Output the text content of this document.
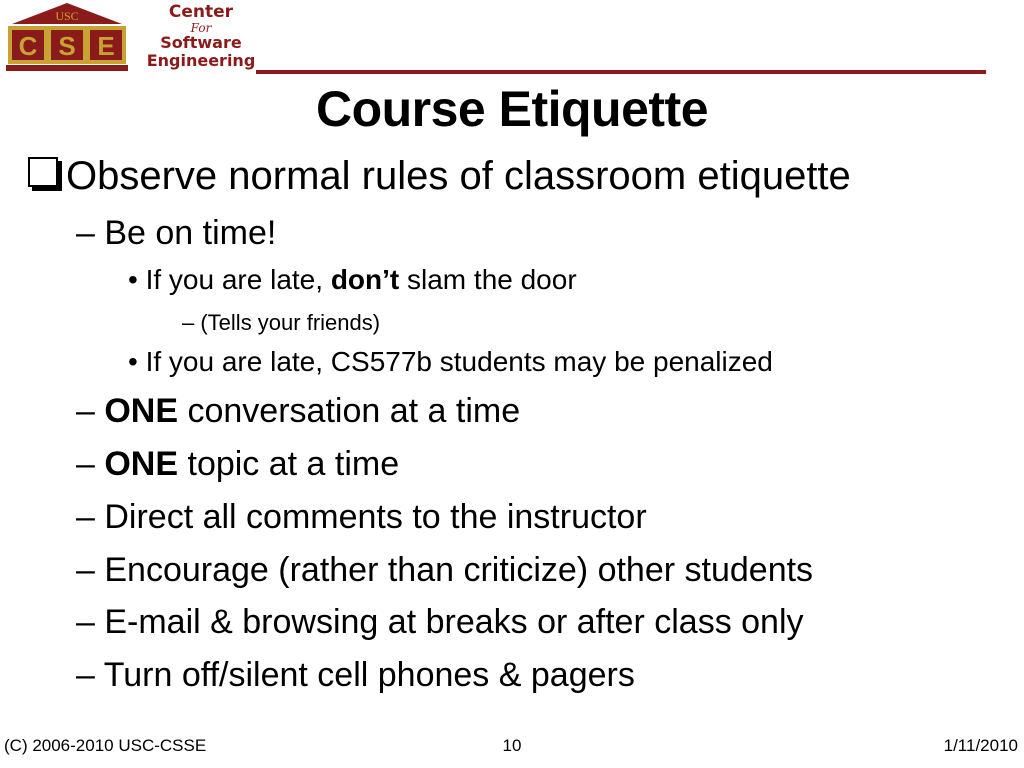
USC
C S E
Center
For
Software
Engineering
Course Etiquette
Observe normal rules of classroom etiquette
– Be on time!
• If you are late, don’t slam the door
– (Tells your friends)
• If you are late, CS577b students may be penalized
– ONE conversation at a time
– ONE topic at a time
– Direct all comments to the instructor
– Encourage (rather than criticize) other students
– E-mail & browsing at breaks or after class only
– Turn off/silent cell phones & pagers
(C) 2006-2010 USC-CSSE	10	1/11/2010
